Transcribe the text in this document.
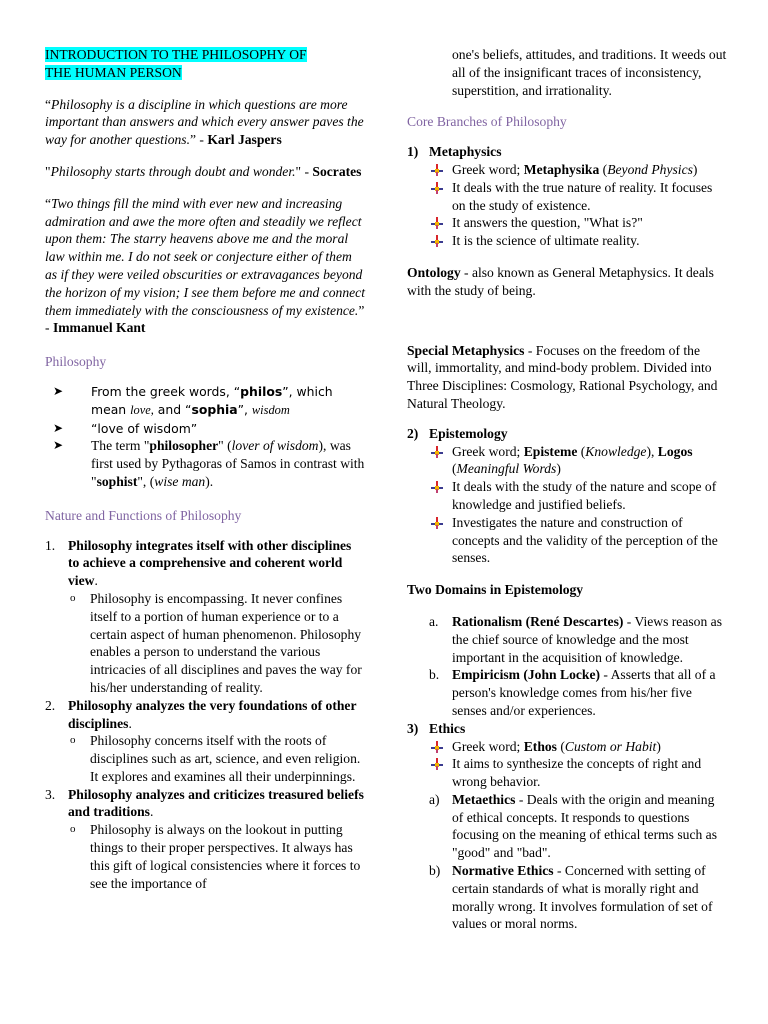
INTRODUCTION TO THE PHILOSOPHY OF
THE HUMAN PERSON

“Philosophy is a discipline in which questions are more important than answers and which every answer paves the way for another questions.” - Karl Jaspers

"Philosophy starts through doubt and wonder." - Socrates

“Two things fill the mind with ever new and increasing admiration and awe the more often and steadily we reflect upon them: The starry heavens above me and the moral law within me. I do not seek or conjecture either of them as if they were veiled obscurities or extravagances beyond the horizon of my vision; I see them before me and connect them immediately with the consciousness of my existence.” - Immanuel Kant

Philosophy

➤ From the greek words, “philos”, which mean love, and “sophia”, wisdom
➤ “love of wisdom”
➤ The term "philosopher" (lover of wisdom), was first used by Pythagoras of Samos in contrast with "sophist", (wise man).

Nature and Functions of Philosophy

1. Philosophy integrates itself with other disciplines to achieve a comprehensive and coherent world view.
o Philosophy is encompassing. It never confines itself to a portion of human experience or to a certain aspect of human phenomenon. Philosophy enables a person to understand the various intricacies of all disciplines and paves the way for his/her understanding of reality.
2. Philosophy analyzes the very foundations of other disciplines.
o Philosophy concerns itself with the roots of disciplines such as art, science, and even religion. It explores and examines all their underpinnings.
3. Philosophy analyzes and criticizes treasured beliefs and traditions.
o Philosophy is always on the lookout in putting things to their proper perspectives. It always has this gift of logical consistencies where it forces to see the importance of

one's beliefs, attitudes, and traditions. It weeds out all of the insignificant traces of inconsistency, superstition, and irrationality.

Core Branches of Philosophy

1) Metaphysics
Greek word; Metaphysika (Beyond Physics)
It deals with the true nature of reality. It focuses on the study of existence.
It answers the question, "What is?"
It is the science of ultimate reality.

Ontology - also known as General Metaphysics. It deals with the study of being.

Special Metaphysics - Focuses on the freedom of the will, immortality, and mind-body problem. Divided into Three Disciplines: Cosmology, Rational Psychology, and Natural Theology.

2) Epistemology
Greek word; Episteme (Knowledge), Logos (Meaningful Words)
It deals with the study of the nature and scope of knowledge and justified beliefs.
Investigates the nature and construction of concepts and the validity of the perception of the senses.

Two Domains in Epistemology

a. Rationalism (René Descartes) - Views reason as the chief source of knowledge and the most important in the acquisition of knowledge.
b. Empiricism (John Locke) - Asserts that all of a person's knowledge comes from his/her five senses and/or experiences.
3) Ethics
Greek word; Ethos (Custom or Habit)
It aims to synthesize the concepts of right and wrong behavior.
a) Metaethics - Deals with the origin and meaning of ethical concepts. It responds to questions focusing on the meaning of ethical terms such as "good" and "bad".
b) Normative Ethics - Concerned with setting of certain standards of what is morally right and morally wrong. It involves formulation of set of values or moral norms.
